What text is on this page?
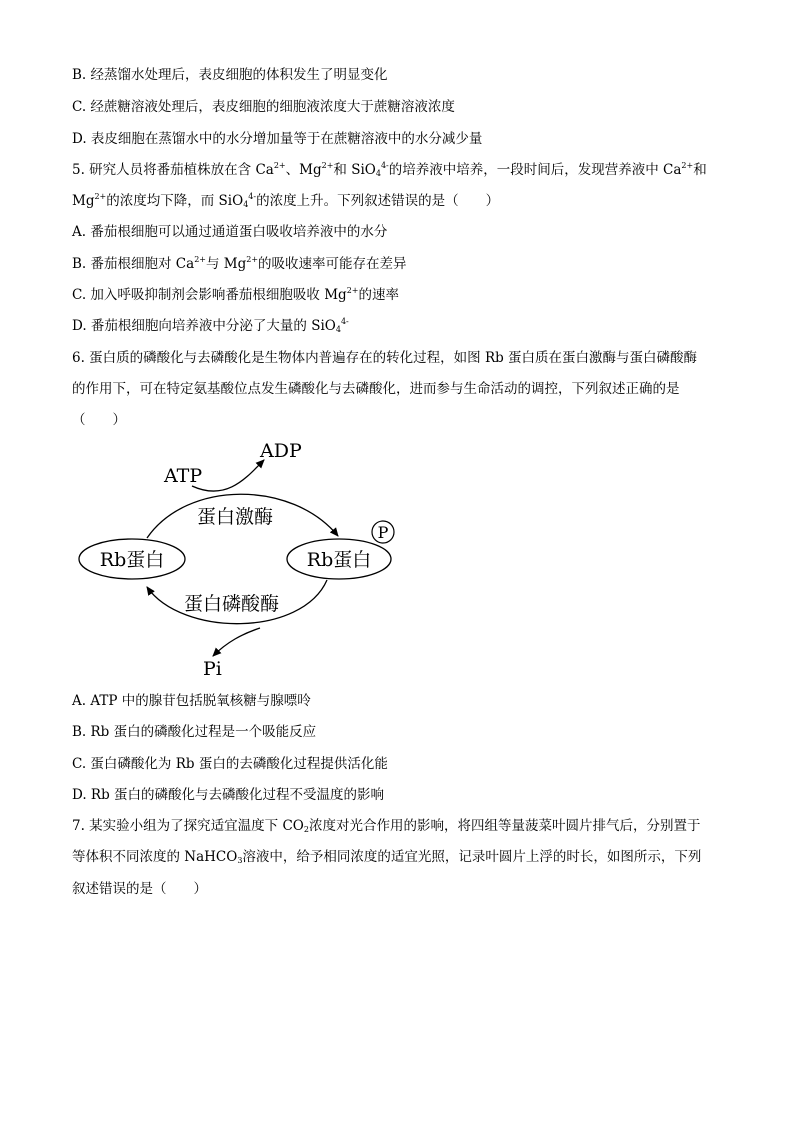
B. 经蒸馏水处理后，表皮细胞的体积发生了明显变化
C. 经蔗糖溶液处理后，表皮细胞的细胞液浓度大于蔗糖溶液浓度
D. 表皮细胞在蒸馏水中的水分增加量等于在蔗糖溶液中的水分减少量
5. 研究人员将番茄植株放在含 $Ca^{2+}$、$Mg^{2+}$和 SiO$_4^{4-}$的培养液中培养，一段时间后，发现营养液中 $Ca^{2+}$和
$Mg^{2+}$的浓度均下降，而 SiO$_4^{4-}$的浓度上升。下列叙述错误的是（　　）
A. 番茄根细胞可以通过通道蛋白吸收培养液中的水分
B. 番茄根细胞对 $Ca^{2+}$与 $Mg^{2+}$的吸收速率可能存在差异
C. 加入呼吸抑制剂会影响番茄根细胞吸收 $Mg^{2+}$的速率
D. 番茄根细胞向培养液中分泌了大量的 SiO$_4^{4-}$
6. 蛋白质的磷酸化与去磷酸化是生物体内普遍存在的转化过程，如图 Rb 蛋白质在蛋白激酶与蛋白磷酸酶
的作用下，可在特定氨基酸位点发生磷酸化与去磷酸化，进而参与生命活动的调控，下列叙述正确的是
（　　）
Rb蛋白	Rb蛋白
P
ATP
ADP
蛋白激酶
蛋白磷酸酶
Pi
A. ATP 中的腺苷包括脱氧核糖与腺嘌呤
B. Rb 蛋白的磷酸化过程是一个吸能反应
C. 蛋白磷酸化为 Rb 蛋白的去磷酸化过程提供活化能
D. Rb 蛋白的磷酸化与去磷酸化过程不受温度的影响
7. 某实验小组为了探究适宜温度下 $CO_2$浓度对光合作用的影响，将四组等量菠菜叶圆片排气后，分别置于
等体积不同浓度的 NaHCO$_3$溶液中，给予相同浓度的适宜光照，记录叶圆片上浮的时长，如图所示，下列
叙述错误的是（　　）
